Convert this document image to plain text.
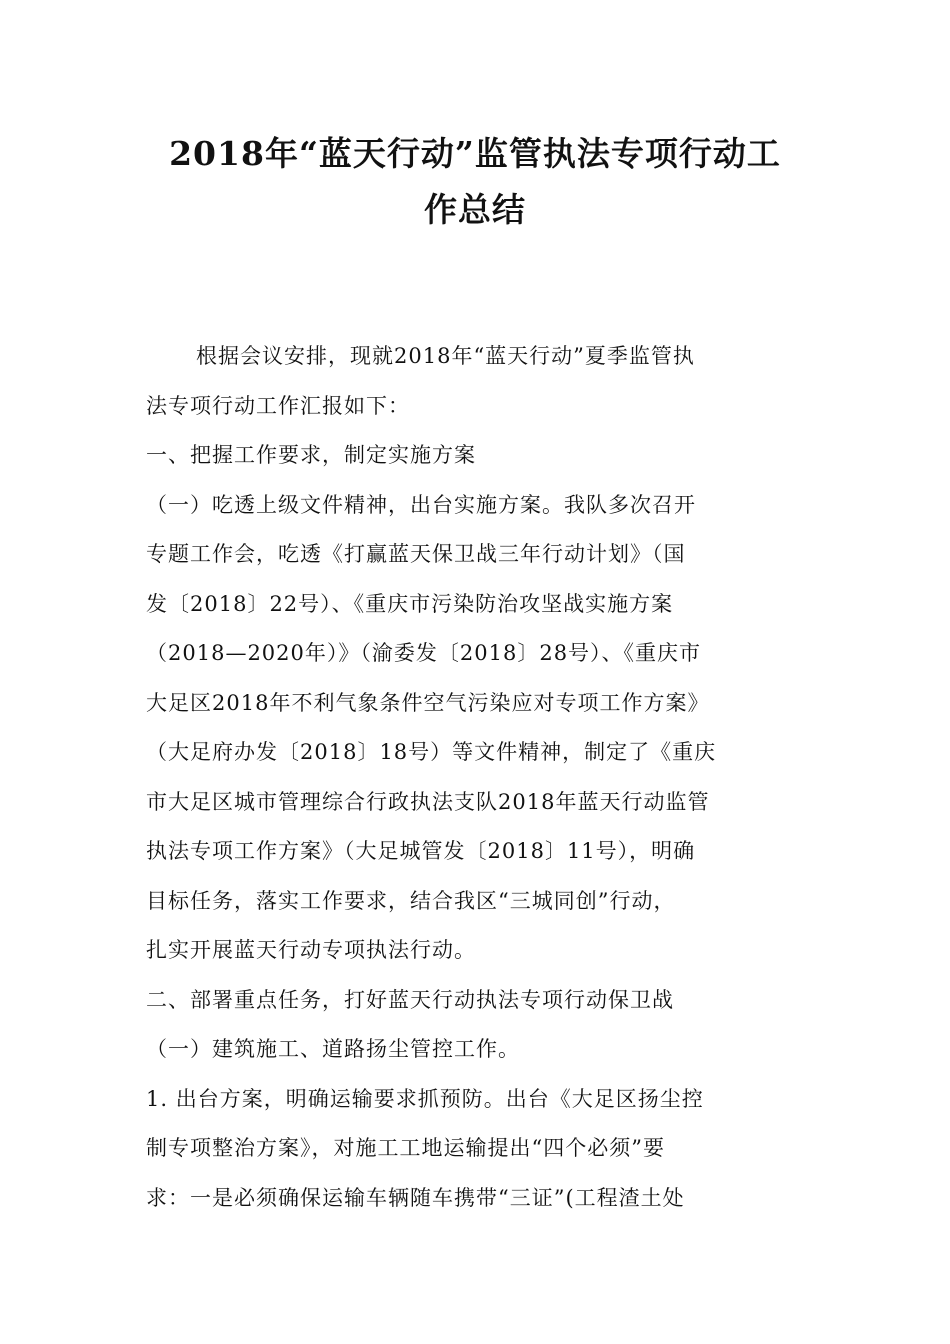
2018年“蓝天行动”监管执法专项行动工
作总结
根据会议安排，现就2018年“蓝天行动”夏季监管执
法专项行动工作汇报如下：
一、把握工作要求，制定实施方案
（一）吃透上级文件精神，出台实施方案。我队多次召开
专题工作会，吃透《打赢蓝天保卫战三年行动计划》（国
发〔2018〕22号）、《重庆市污染防治攻坚战实施方案
（2018—2020年）》（渝委发〔2018〕28号）、《重庆市
大足区2018年不利气象条件空气污染应对专项工作方案》
（大足府办发〔2018〕18号）等文件精神，制定了《重庆
市大足区城市管理综合行政执法支队2018年蓝天行动监管
执法专项工作方案》（大足城管发〔2018〕11号），明确
目标任务，落实工作要求，结合我区“三城同创”行动，
扎实开展蓝天行动专项执法行动。
二、部署重点任务，打好蓝天行动执法专项行动保卫战
（一）建筑施工、道路扬尘管控工作。
1. 出台方案，明确运输要求抓预防。出台《大足区扬尘控
制专项整治方案》，对施工工地运输提出“四个必须”要
求：一是必须确保运输车辆随车携带“三证”(工程渣土处
